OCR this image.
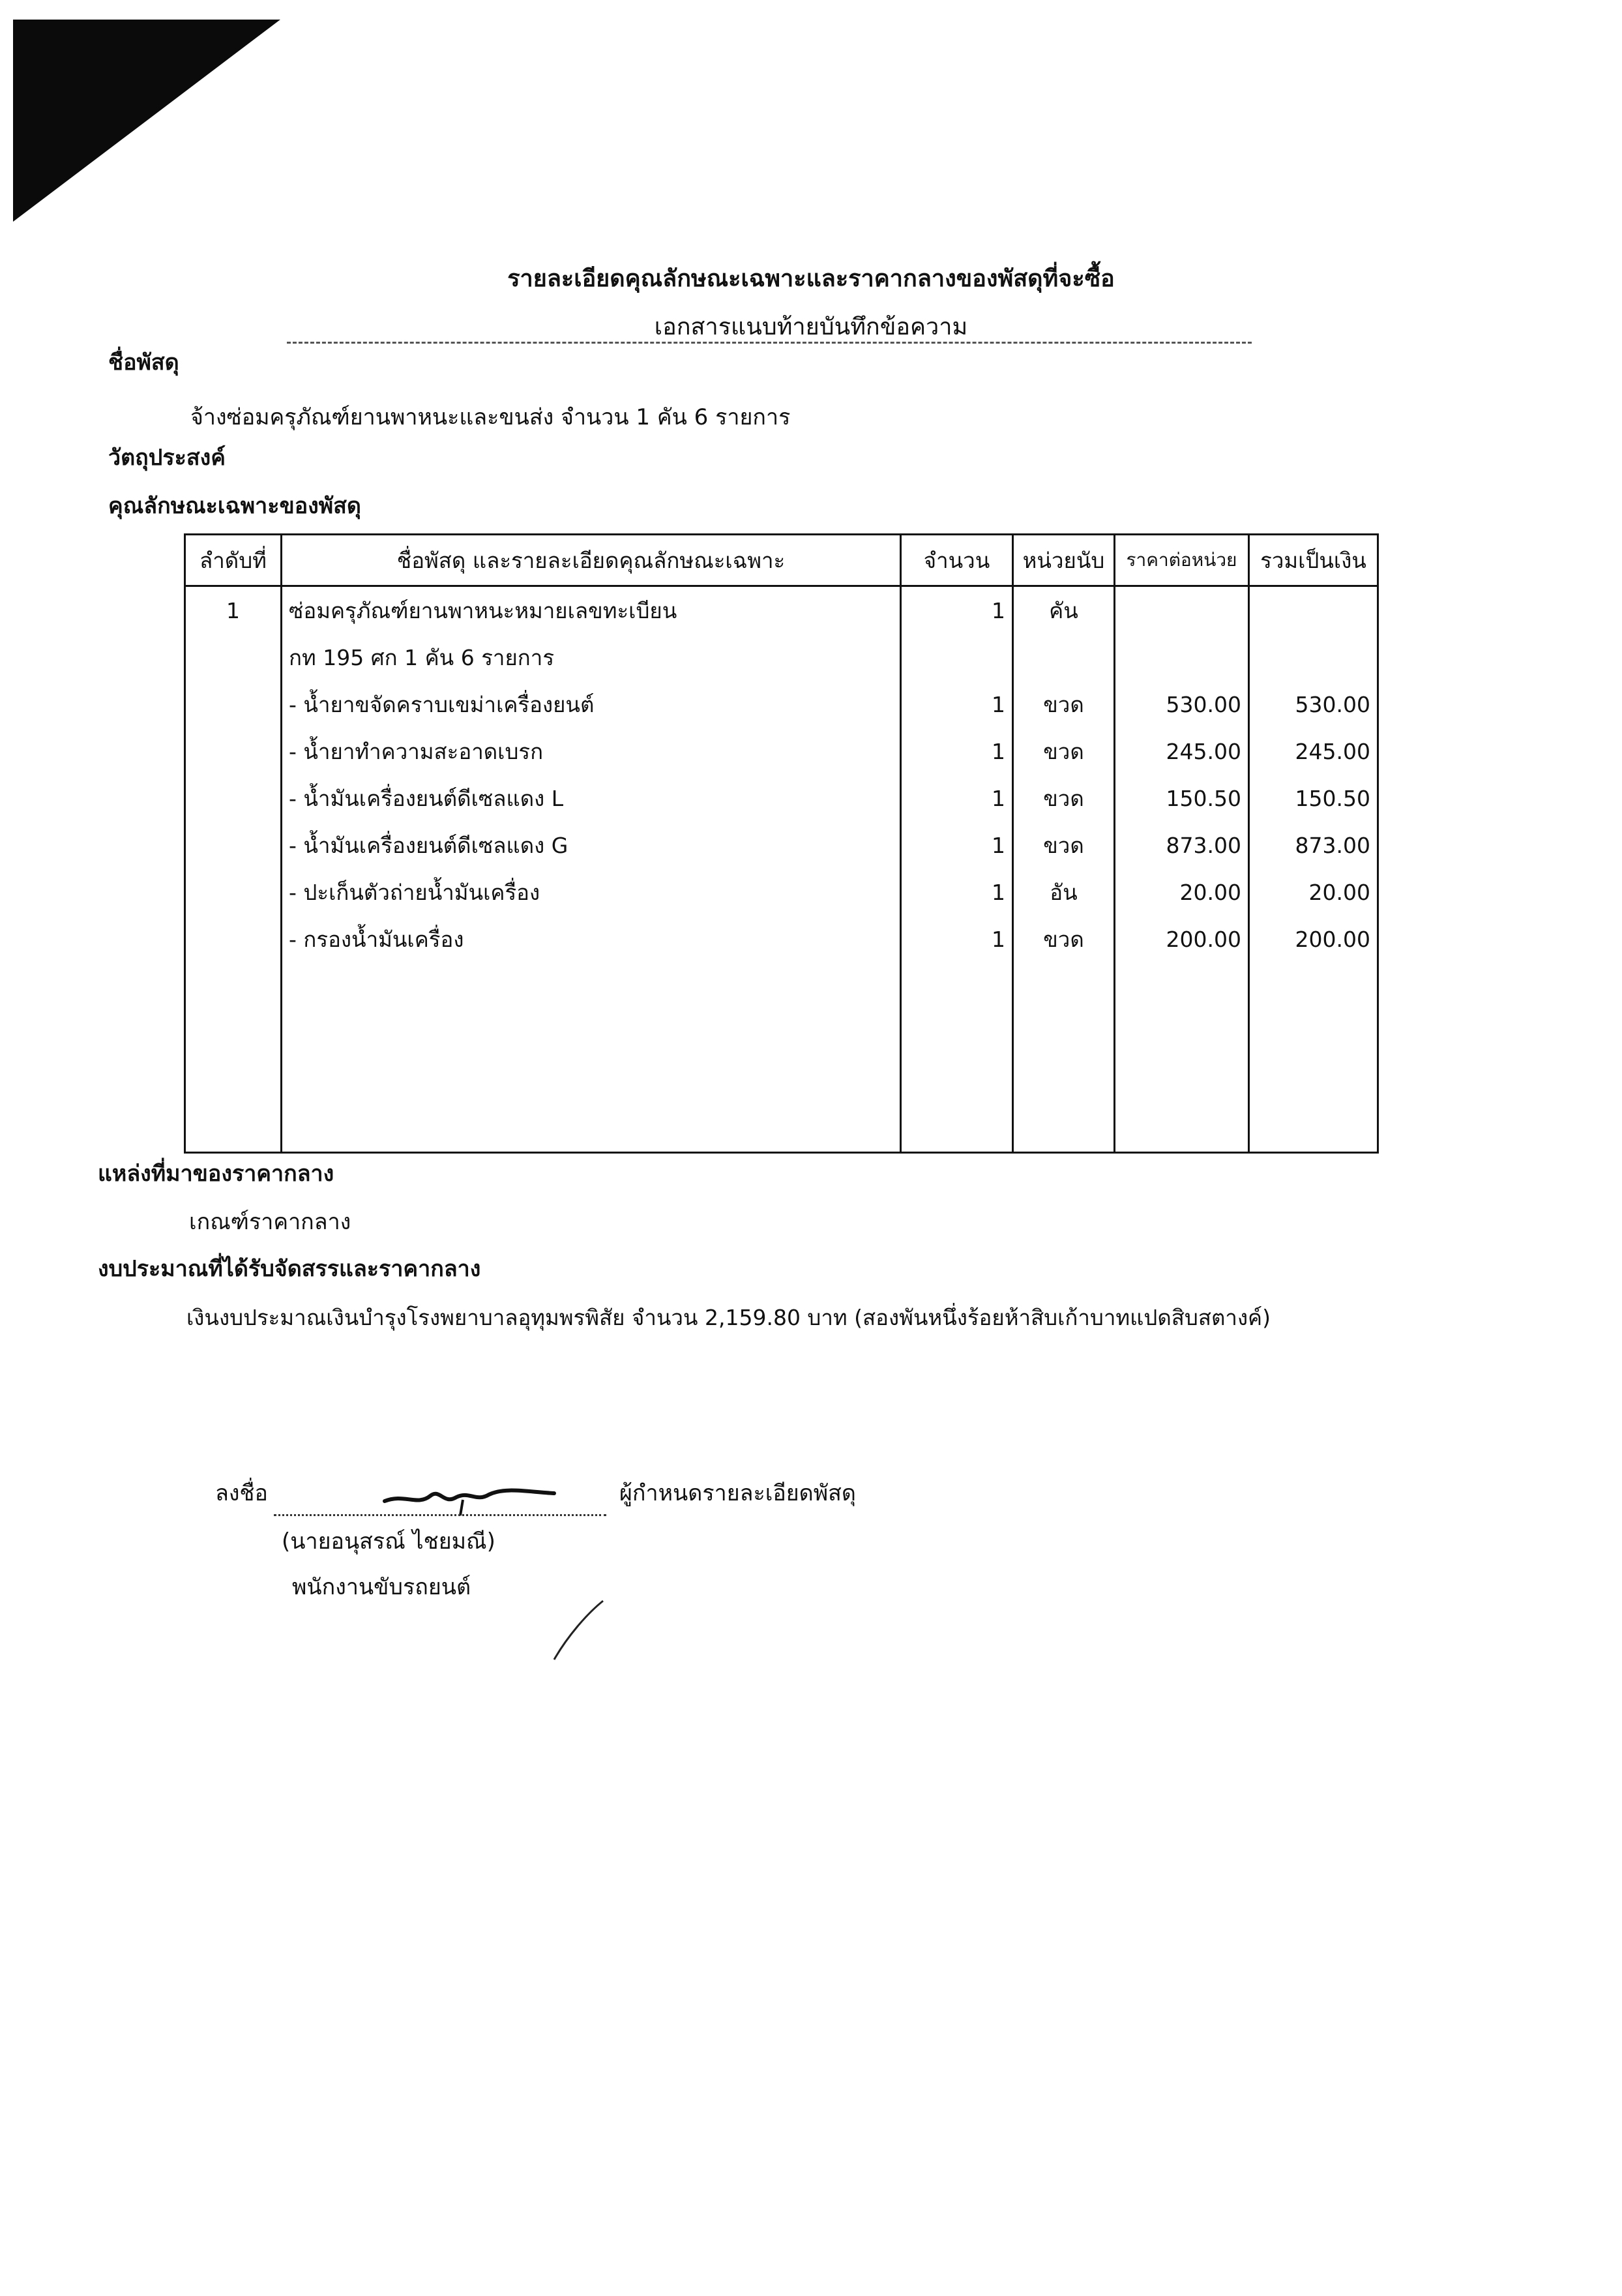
รายละเอียดคุณลักษณะเฉพาะและราคากลางของพัสดุที่จะซื้อ
เอกสารแนบท้ายบันทึกข้อความ
ชื่อพัสดุ
จ้างซ่อมครุภัณฑ์ยานพาหนะและขนส่ง จำนวน 1 คัน 6 รายการ
วัตถุประสงค์
คุณลักษณะเฉพาะของพัสดุ
ลำดับที่	ชื่อพัสดุ และรายละเอียดคุณลักษณะเฉพาะ	จำนวน	หน่วยนับ	ราคาต่อหน่วย	รวมเป็นเงิน
1	ซ่อมครุภัณฑ์ยานพาหนะหมายเลขทะเบียน	1	คัน		
	กท 195 ศก 1 คัน 6 รายการ				
	- น้ำยาขจัดคราบเขม่าเครื่องยนต์	1	ขวด	530.00	530.00
	- น้ำยาทำความสะอาดเบรก	1	ขวด	245.00	245.00
	- น้ำมันเครื่องยนต์ดีเซลแดง L	1	ขวด	150.50	150.50
	- น้ำมันเครื่องยนต์ดีเซลแดง G	1	ขวด	873.00	873.00
	- ปะเก็นตัวถ่ายน้ำมันเครื่อง	1	อัน	20.00	20.00
	- กรองน้ำมันเครื่อง	1	ขวด	200.00	200.00

แหล่งที่มาของราคากลาง
เกณฑ์ราคากลาง
งบประมาณที่ได้รับจัดสรรและราคากลาง
เงินงบประมาณเงินบำรุงโรงพยาบาลอุทุมพรพิสัย จำนวน 2,159.80 บาท (สองพันหนึ่งร้อยห้าสิบเก้าบาทแปดสิบสตางค์)
ลงชื่อ	ผู้กำหนดรายละเอียดพัสดุ
(นายอนุสรณ์ ไชยมณี)
พนักงานขับรถยนต์
